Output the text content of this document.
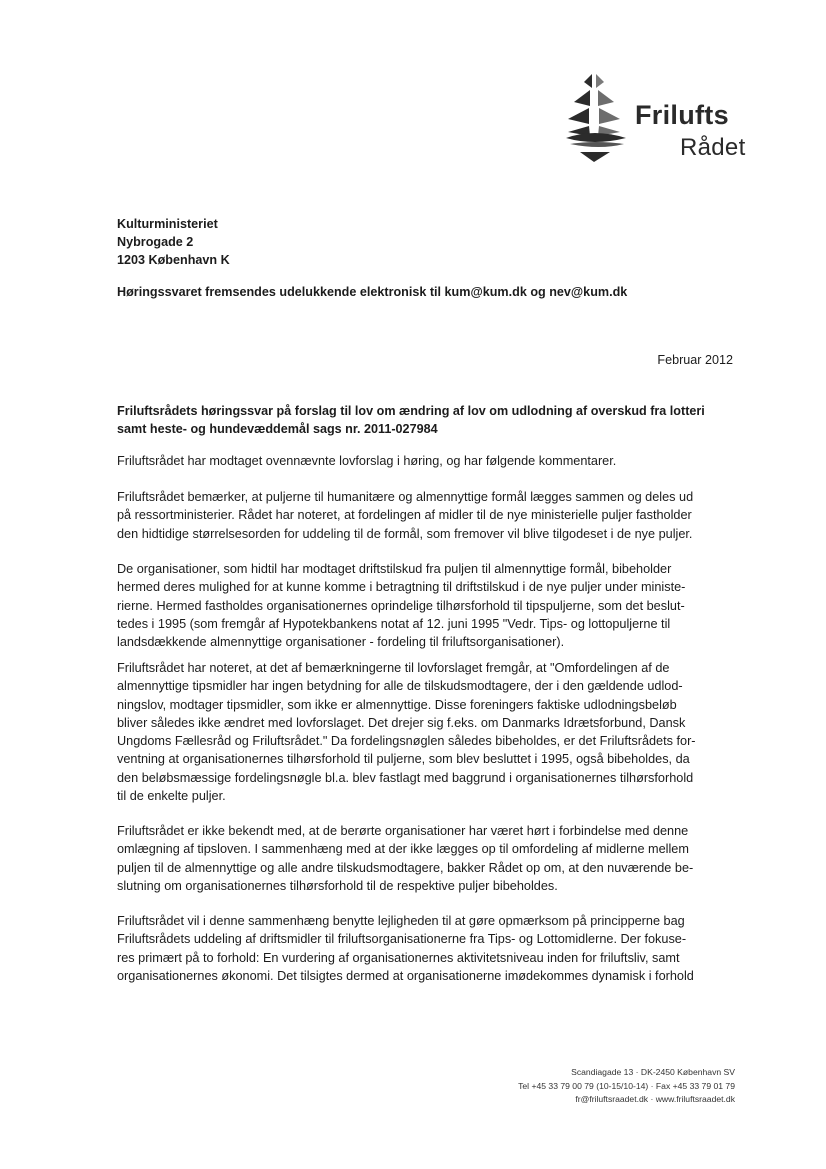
Frilufts
Rådet
Kulturministeriet
Nybrogade 2
1203 København K
Høringssvaret fremsendes udelukkende elektronisk til kum@kum.dk og nev@kum.dk
Februar 2012
Friluftsrådets høringssvar på forslag til lov om ændring af lov om udlodning af overskud fra lotteri
samt heste- og hundevæddemål sags nr. 2011-027984
Friluftsrådet har modtaget ovennævnte lovforslag i høring, og har følgende kommentarer.
Friluftsrådet bemærker, at puljerne til humanitære og almennyttige formål lægges sammen og deles ud
på ressortministerier. Rådet har noteret, at fordelingen af midler til de nye ministerielle puljer fastholder
den hidtidige størrelsesorden for uddeling til de formål, som fremover vil blive tilgodeset i de nye puljer.
De organisationer, som hidtil har modtaget driftstilskud fra puljen til almennyttige formål, bibeholder
hermed deres mulighed for at kunne komme i betragtning til driftstilskud i de nye puljer under ministe-
rierne. Hermed fastholdes organisationernes oprindelige tilhørsforhold til tipspuljerne, som det beslut-
tedes i 1995 (som fremgår af Hypotekbankens notat af 12. juni 1995 "Vedr. Tips- og lottopuljerne til
landsdækkende almennyttige organisationer - fordeling til friluftsorganisationer).
Friluftsrådet har noteret, at det af bemærkningerne til lovforslaget fremgår, at "Omfordelingen af de
almennyttige tipsmidler har ingen betydning for alle de tilskudsmodtagere, der i den gældende udlod-
ningslov, modtager tipsmidler, som ikke er almennyttige. Disse foreningers faktiske udlodningsbeløb
bliver således ikke ændret med lovforslaget. Det drejer sig f.eks. om Danmarks Idrætsforbund, Dansk
Ungdoms Fællesråd og Friluftsrådet." Da fordelingsnøglen således bibeholdes, er det Friluftsrådets for-
ventning at organisationernes tilhørsforhold til puljerne, som blev besluttet i 1995, også bibeholdes, da
den beløbsmæssige fordelingsnøgle bl.a. blev fastlagt med baggrund i organisationernes tilhørsforhold
til de enkelte puljer.
Friluftsrådet er ikke bekendt med, at de berørte organisationer har været hørt i forbindelse med denne
omlægning af tipsloven. I sammenhæng med at der ikke lægges op til omfordeling af midlerne mellem
puljen til de almennyttige og alle andre tilskudsmodtagere, bakker Rådet op om, at den nuværende be-
slutning om organisationernes tilhørsforhold til de respektive puljer bibeholdes.
Friluftsrådet vil i denne sammenhæng benytte lejligheden til at gøre opmærksom på principperne bag
Friluftsrådets uddeling af driftsmidler til friluftsorganisationerne fra Tips- og Lottomidlerne. Der fokuse-
res primært på to forhold: En vurdering af organisationernes aktivitetsniveau inden for friluftsliv, samt
organisationernes økonomi. Det tilsigtes dermed at organisationerne imødekommes dynamisk i forhold
Scandiagade 13 · DK-2450 København SV
Tel +45 33 79 00 79 (10-15/10-14) · Fax +45 33 79 01 79
fr@friluftsraadet.dk · www.friluftsraadet.dk
